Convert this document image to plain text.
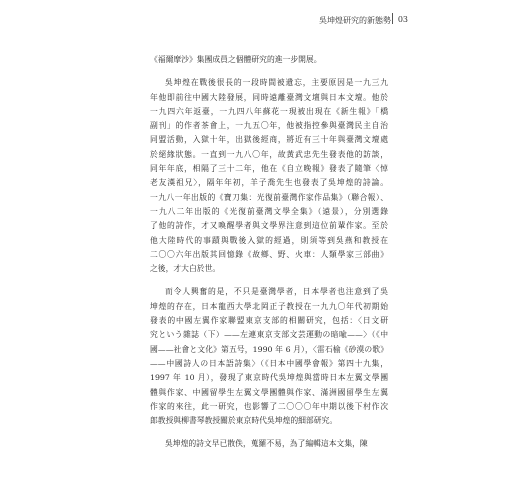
吳坤煌研究的新態勢 03
《福爾摩沙》集團成員之個體研究的進一步開展。
吳坤煌在戰後很長的一段時間被遺忘，主要原因是一九三九
年他即前往中國大陸發展，同時遠離臺灣文壇與日本文壇。他於
一九四六年返臺，一九四八年蘇花一現被出現在《新生報》「橋
副刊」的作者茶會上，一九五〇年，他被指控參與臺灣民主自治
同盟活動，入獄十年，出獄後經商，將近有三十年與臺灣文壇處
於絕緣狀態。一直到一九八〇年，故黃武忠先生發表他的訪談，
同年年底，相隔了三十二年，他在《自立晚報》發表了隨筆〈悼
老友漢祖兄〉，隔年年初，羊子喬先生也發表了吳坤煌的詩論。
一九八一年出版的《寶刀集：光復前臺灣作家作品集》（聯合報）、
一九八二年出版的《光復前臺灣文學全集》（遠景），分別選錄
了他的詩作，才又喚醒學者與文學界注意到這位前輩作家。至於
他大陸時代的事蹟與戰後入獄的經過，則須等到吳燕和教授在
二〇〇六年出版其回憶錄《故鄉、野、火車：人類學家三部曲》
之後，才大白於世。
而令人興奮的是，不只是臺灣學者，日本學者也注意到了吳
坤煌的存在，日本龍西大學北岡正子教授在一九九〇年代初期始
發表的中國左翼作家聯盟東京支部的相關研究，包括：〈日文研
究という雜誌（下）——左連東京支部文芸運動の暗喩——〉（《中
國——社會と文化》第五号，1990 年 6 月），〈雷石榆《砂漠の歌》
——中國詩人の日本語詩集〉（《日本中國學會報》第四十九集，
1997 年 10 月），發現了東京時代吳坤煌與當時日本左翼文學團
體與作家、中國留學生左翼文學團體與作家、滿洲國留學生左翼
作家的來往，此一研究，也影響了二〇〇〇年中期以後下村作次
郎教授與柳書琴教授關於東京時代吳坤煌的細部研究。
吳坤煌的詩文早已散佚，蒐羅不易，為了編輯這本文集，陳
